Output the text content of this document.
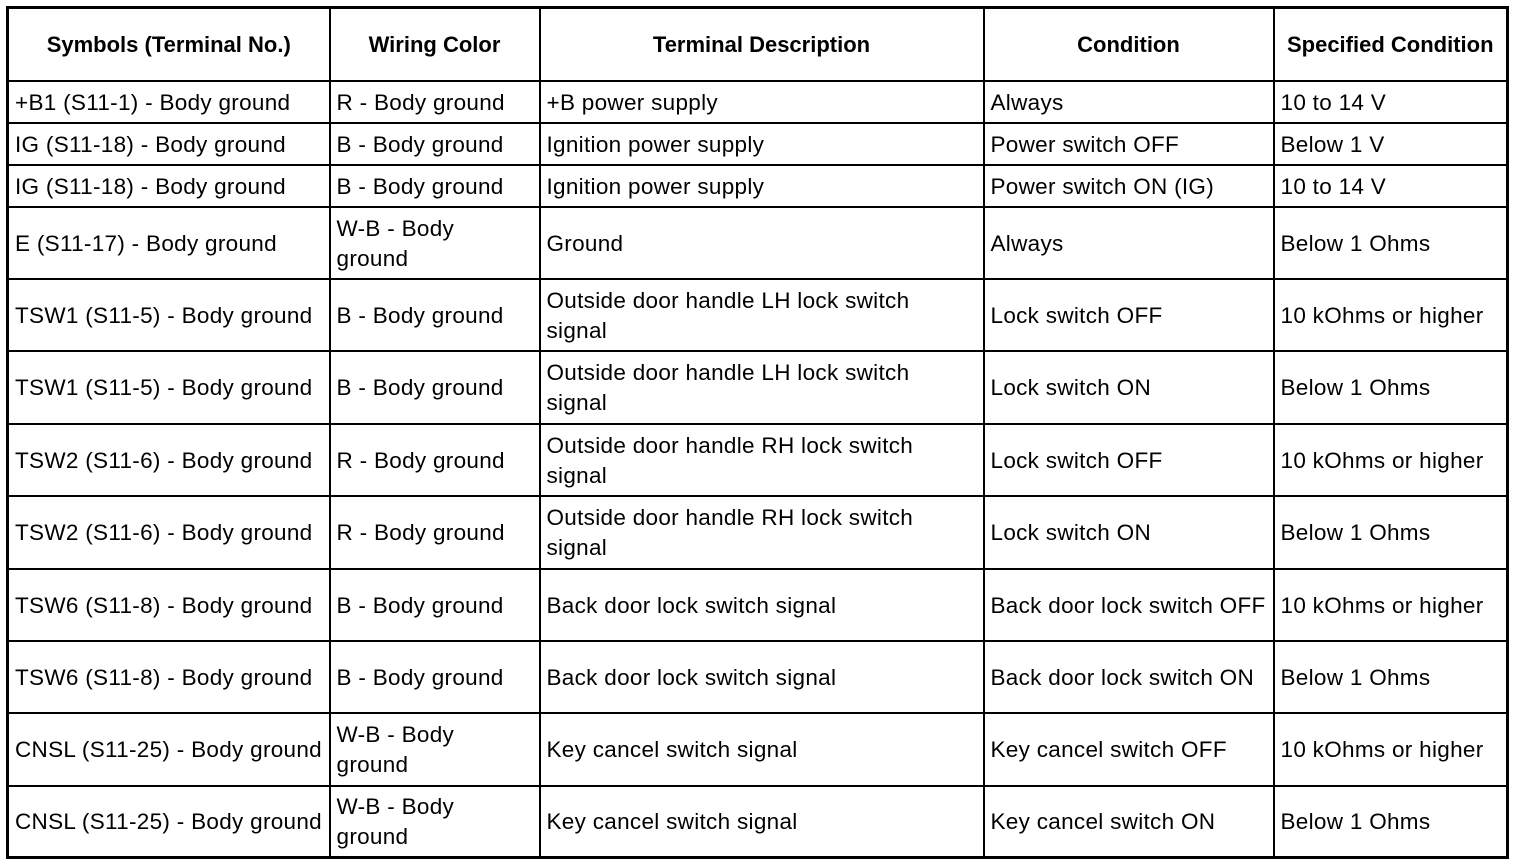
Symbols (Terminal No.)	Wiring Color	Terminal Description	Condition	Specified Condition
+B1 (S11-1) - Body ground	R - Body ground	+B power supply	Always	10 to 14 V
IG (S11-18) - Body ground	B - Body ground	Ignition power supply	Power switch OFF	Below 1 V
IG (S11-18) - Body ground	B - Body ground	Ignition power supply	Power switch ON (IG)	10 to 14 V
E (S11-17) - Body ground	W-B - Body ground	Ground	Always	Below 1 Ohms
TSW1 (S11-5) - Body ground	B - Body ground	Outside door handle LH lock switch signal	Lock switch OFF	10 kOhms or higher
TSW1 (S11-5) - Body ground	B - Body ground	Outside door handle LH lock switch signal	Lock switch ON	Below 1 Ohms
TSW2 (S11-6) - Body ground	R - Body ground	Outside door handle RH lock switch signal	Lock switch OFF	10 kOhms or higher
TSW2 (S11-6) - Body ground	R - Body ground	Outside door handle RH lock switch signal	Lock switch ON	Below 1 Ohms
TSW6 (S11-8) - Body ground	B - Body ground	Back door lock switch signal	Back door lock switch OFF	10 kOhms or higher
TSW6 (S11-8) - Body ground	B - Body ground	Back door lock switch signal	Back door lock switch ON	Below 1 Ohms
CNSL (S11-25) - Body ground	W-B - Body ground	Key cancel switch signal	Key cancel switch OFF	10 kOhms or higher
CNSL (S11-25) - Body ground	W-B - Body ground	Key cancel switch signal	Key cancel switch ON	Below 1 Ohms
